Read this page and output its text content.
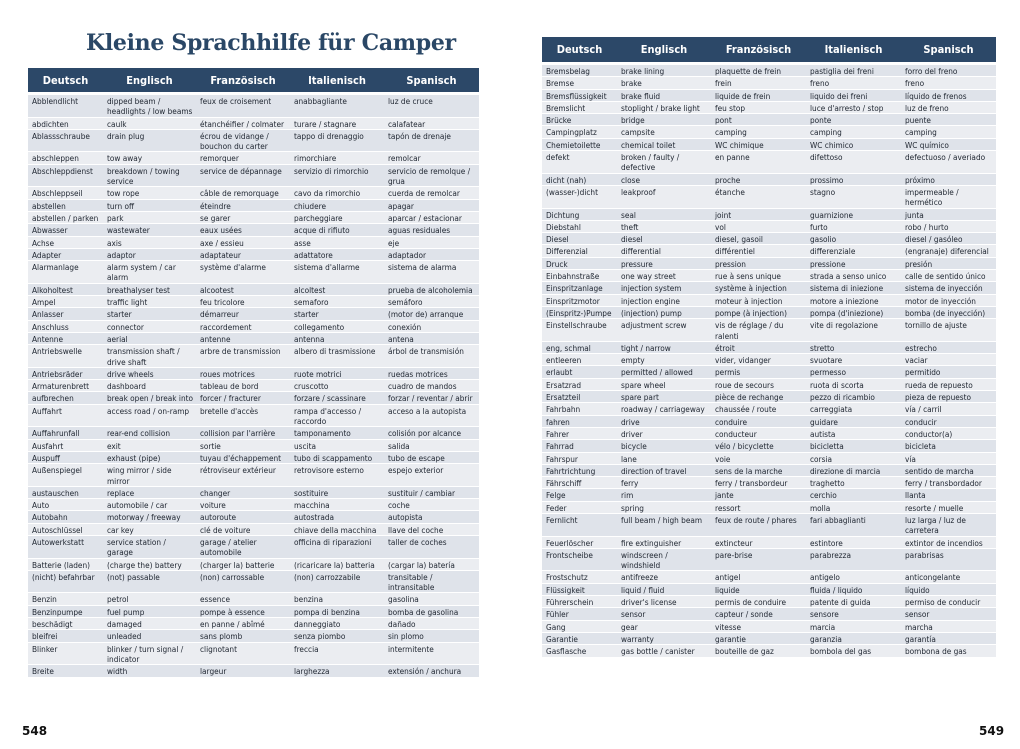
Kleine Sprachhilfe für Camper
Deutsch	Englisch	Französisch	Italienisch	Spanisch
Abblendlicht	dipped beam / headlights / low beams	feux de croisement	anabbagliante	luz de cruce
abdichten	caulk	étanchéifier / colmater	turare / stagnare	calafatear
Ablassschraube	drain plug	écrou de vidange / bouchon du carter	tappo di drenaggio	tapón de drenaje
abschleppen	tow away	remorquer	rimorchiare	remolcar
Abschleppdienst	breakdown / towing service	service de dépannage	servizio di rimorchio	servicio de remolque / grua
Abschleppseil	tow rope	câble de remorquage	cavo da rimorchio	cuerda de remolcar
abstellen	turn off	éteindre	chiudere	apagar
abstellen / parken	park	se garer	parcheggiare	aparcar / estacionar
Abwasser	wastewater	eaux usées	acque di rifiuto	aguas residuales
Achse	axis	axe / essieu	asse	eje
Adapter	adaptor	adaptateur	adattatore	adaptador
Alarmanlage	alarm system / car alarm	système d'alarme	sistema d'allarme	sistema de alarma
Alkoholtest	breathalyser test	alcootest	alcoltest	prueba de alcoholemia
Ampel	traffic light	feu tricolore	semaforo	semáforo
Anlasser	starter	démarreur	starter	(motor de) arranque
Anschluss	connector	raccordement	collegamento	conexión
Antenne	aerial	antenne	antenna	antena
Antriebswelle	transmission shaft / drive shaft	arbre de transmission	albero di trasmissione	árbol de transmisión
Antriebsräder	drive wheels	roues motrices	ruote motrici	ruedas motrices
Armaturenbrett	dashboard	tableau de bord	cruscotto	cuadro de mandos
aufbrechen	break open / break into	forcer / fracturer	forzare / scassinare	forzar / reventar / abrir
Auffahrt	access road / on-ramp	bretelle d'accès	rampa d'accesso / raccordo	acceso a la autopista
Auffahrunfall	rear-end collision	collision par l'arrière	tamponamento	colisión por alcance
Ausfahrt	exit	sortie	uscita	salida
Auspuff	exhaust (pipe)	tuyau d'échappement	tubo di scappamento	tubo de escape
Außenspiegel	wing mirror / side mirror	rétroviseur extérieur	retrovisore esterno	espejo exterior
austauschen	replace	changer	sostituire	sustituir / cambiar
Auto	automobile / car	voiture	macchina	coche
Autobahn	motorway / freeway	autoroute	autostrada	autopista
Autoschlüssel	car key	clé de voiture	chiave della macchina	llave del coche
Autowerkstatt	service station / garage	garage / atelier automobile	officina di riparazioni	taller de coches
Batterie (laden)	(charge the) battery	(charger la) batterie	(ricaricare la) batteria	(cargar la) batería
(nicht) befahrbar	(not) passable	(non) carrossable	(non) carrozzabile	transitable / intransitable
Benzin	petrol	essence	benzina	gasolina
Benzinpumpe	fuel pump	pompe à essence	pompa di benzina	bomba de gasolina
beschädigt	damaged	en panne / abîmé	danneggiato	dañado
bleifrei	unleaded	sans plomb	senza piombo	sin plomo
Blinker	blinker / turn signal / indicator	clignotant	freccia	intermitente
Breite	width	largeur	larghezza	extensión / anchura
Deutsch	Englisch	Französisch	Italienisch	Spanisch
Bremsbelag	brake lining	plaquette de frein	pastiglia dei freni	forro del freno
Bremse	brake	frein	freno	freno
Bremsflüssigkeit	brake fluid	liquide de frein	liquido dei freni	líquido de frenos
Bremslicht	stoplight / brake light	feu stop	luce d'arresto / stop	luz de freno
Brücke	bridge	pont	ponte	puente
Campingplatz	campsite	camping	camping	camping
Chemietoilette	chemical toilet	WC chimique	WC chimico	WC químico
defekt	broken / faulty / defective	en panne	difettoso	defectuoso / averiado
dicht (nah)	close	proche	prossimo	próximo
(wasser-)dicht	leakproof	étanche	stagno	impermeable / hermético
Dichtung	seal	joint	guarnizione	junta
Diebstahl	theft	vol	furto	robo / hurto
Diesel	diesel	diesel, gasoil	gasolio	diesel / gasóleo
Differenzial	differential	différentiel	differenziale	(engranaje) diferencial
Druck	pressure	pression	pressione	presión
Einbahnstraße	one way street	rue à sens unique	strada a senso unico	calle de sentido único
Einspritzanlage	injection system	système à injection	sistema di iniezione	sistema de inyección
Einspritzmotor	injection engine	moteur à injection	motore a iniezione	motor de inyección
(Einspritz-)Pumpe	(injection) pump	pompe (à injection)	pompa (d'iniezione)	bomba (de inyección)
Einstellschraube	adjustment screw	vis de réglage / du ralenti	vite di regolazione	tornillo de ajuste
eng, schmal	tight / narrow	étroit	stretto	estrecho
entleeren	empty	vider, vidanger	svuotare	vaciar
erlaubt	permitted / allowed	permis	permesso	permitido
Ersatzrad	spare wheel	roue de secours	ruota di scorta	rueda de repuesto
Ersatzteil	spare part	pièce de rechange	pezzo di ricambio	pieza de repuesto
Fahrbahn	roadway / carriageway	chaussée / route	carreggiata	vía / carril
fahren	drive	conduire	guidare	conducir
Fahrer	driver	conducteur	autista	conductor(a)
Fahrrad	bicycle	vélo / bicyclette	bicicletta	bicicleta
Fahrspur	lane	voie	corsia	vía
Fahrtrichtung	direction of travel	sens de la marche	direzione di marcia	sentido de marcha
Fährschiff	ferry	ferry / transbordeur	traghetto	ferry / transbordador
Felge	rim	jante	cerchio	llanta
Feder	spring	ressort	molla	resorte / muelle
Fernlicht	full beam / high beam	feux de route / phares	fari abbaglianti	luz larga / luz de carretera
Feuerlöscher	fire extinguisher	extincteur	estintore	extintor de incendios
Frontscheibe	windscreen / windshield	pare-brise	parabrezza	parabrisas
Frostschutz	antifreeze	antigel	antigelo	anticongelante
Flüssigkeit	liquid / fluid	liquide	fluida / liquido	líquido
Führerschein	driver's license	permis de conduire	patente di guida	permiso de conducir
Fühler	sensor	capteur / sonde	sensore	sensor
Gang	gear	vitesse	marcia	marcha
Garantie	warranty	garantie	garanzia	garantía
Gasflasche	gas bottle / canister	bouteille de gaz	bombola del gas	bombona de gas
548	549
